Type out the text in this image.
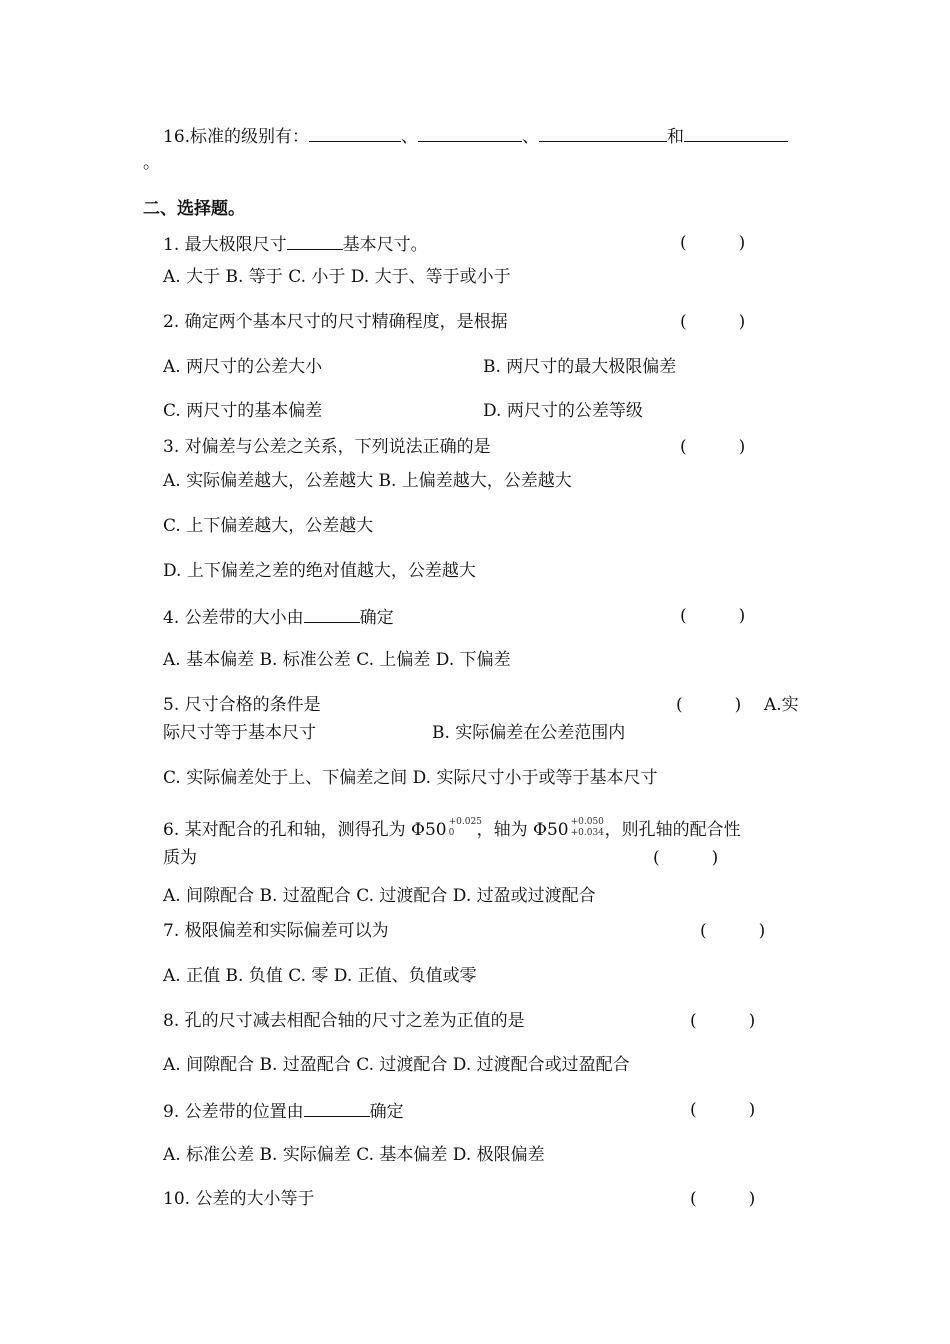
16.标准的级别有：	、	、	和
。
二、选择题。
1. 最大极限尺寸	基本尺寸。	(	)
A. 大于 B. 等于 C. 小于 D. 大于、等于或小于
2. 确定两个基本尺寸的尺寸精确程度，是根据	(	)
A. 两尺寸的公差大小	B. 两尺寸的最大极限偏差
C. 两尺寸的基本偏差	D. 两尺寸的公差等级
3. 对偏差与公差之关系，下列说法正确的是	(	)
A. 实际偏差越大，公差越大 B. 上偏差越大，公差越大
C. 上下偏差越大，公差越大
D. 上下偏差之差的绝对值越大，公差越大
4. 公差带的大小由	确定	(	)
A. 基本偏差 B. 标准公差 C. 上偏差 D. 下偏差
5. 尺寸合格的条件是	(	) A.实
际尺寸等于基本尺寸	B. 实际偏差在公差范围内
C. 实际偏差处于上、下偏差之间 D. 实际尺寸小于或等于基本尺寸
6. 某对配合的孔和轴，测得孔为 Φ50 +0.025
0 ，轴为 Φ50 +0.050
+0.034 ，则孔轴的配合性
质为	(	)
A. 间隙配合 B. 过盈配合 C. 过渡配合 D. 过盈或过渡配合
7. 极限偏差和实际偏差可以为	(	)
A. 正值 B. 负值 C. 零 D. 正值、负值或零
8. 孔的尺寸减去相配合轴的尺寸之差为正值的是	(	)
A. 间隙配合 B. 过盈配合 C. 过渡配合 D. 过渡配合或过盈配合
9. 公差带的位置由	确定	(	)
A. 标准公差 B. 实际偏差 C. 基本偏差 D. 极限偏差
10. 公差的大小等于	(	)
